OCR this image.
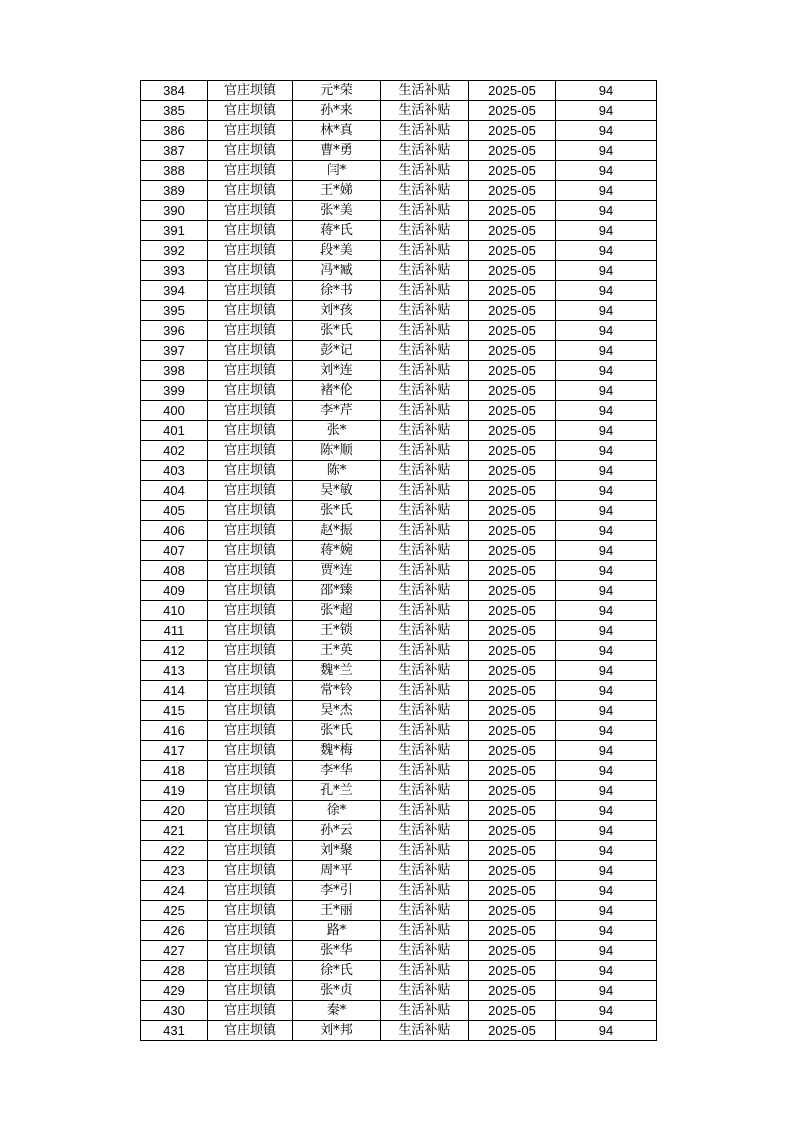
384	官庄坝镇	元*荣	生活补贴	2025-05	94
385	官庄坝镇	孙*来	生活补贴	2025-05	94
386	官庄坝镇	林*真	生活补贴	2025-05	94
387	官庄坝镇	曹*勇	生活补贴	2025-05	94
388	官庄坝镇	闫*	生活补贴	2025-05	94
389	官庄坝镇	王*娣	生活补贴	2025-05	94
390	官庄坝镇	张*美	生活补贴	2025-05	94
391	官庄坝镇	蒋*氏	生活补贴	2025-05	94
392	官庄坝镇	段*美	生活补贴	2025-05	94
393	官庄坝镇	冯*臧	生活补贴	2025-05	94
394	官庄坝镇	徐*书	生活补贴	2025-05	94
395	官庄坝镇	刘*孩	生活补贴	2025-05	94
396	官庄坝镇	张*氏	生活补贴	2025-05	94
397	官庄坝镇	彭*记	生活补贴	2025-05	94
398	官庄坝镇	刘*连	生活补贴	2025-05	94
399	官庄坝镇	褚*伦	生活补贴	2025-05	94
400	官庄坝镇	李*芹	生活补贴	2025-05	94
401	官庄坝镇	张*	生活补贴	2025-05	94
402	官庄坝镇	陈*顺	生活补贴	2025-05	94
403	官庄坝镇	陈*	生活补贴	2025-05	94
404	官庄坝镇	吴*敏	生活补贴	2025-05	94
405	官庄坝镇	张*氏	生活补贴	2025-05	94
406	官庄坝镇	赵*振	生活补贴	2025-05	94
407	官庄坝镇	蒋*婉	生活补贴	2025-05	94
408	官庄坝镇	贾*连	生活补贴	2025-05	94
409	官庄坝镇	邵*臻	生活补贴	2025-05	94
410	官庄坝镇	张*超	生活补贴	2025-05	94
411	官庄坝镇	王*锁	生活补贴	2025-05	94
412	官庄坝镇	王*英	生活补贴	2025-05	94
413	官庄坝镇	魏*兰	生活补贴	2025-05	94
414	官庄坝镇	常*铃	生活补贴	2025-05	94
415	官庄坝镇	吴*杰	生活补贴	2025-05	94
416	官庄坝镇	张*氏	生活补贴	2025-05	94
417	官庄坝镇	魏*梅	生活补贴	2025-05	94
418	官庄坝镇	李*华	生活补贴	2025-05	94
419	官庄坝镇	孔*兰	生活补贴	2025-05	94
420	官庄坝镇	徐*	生活补贴	2025-05	94
421	官庄坝镇	孙*云	生活补贴	2025-05	94
422	官庄坝镇	刘*聚	生活补贴	2025-05	94
423	官庄坝镇	周*平	生活补贴	2025-05	94
424	官庄坝镇	李*引	生活补贴	2025-05	94
425	官庄坝镇	王*丽	生活补贴	2025-05	94
426	官庄坝镇	路*	生活补贴	2025-05	94
427	官庄坝镇	张*华	生活补贴	2025-05	94
428	官庄坝镇	徐*氏	生活补贴	2025-05	94
429	官庄坝镇	张*贞	生活补贴	2025-05	94
430	官庄坝镇	秦*	生活补贴	2025-05	94
431	官庄坝镇	刘*邦	生活补贴	2025-05	94
